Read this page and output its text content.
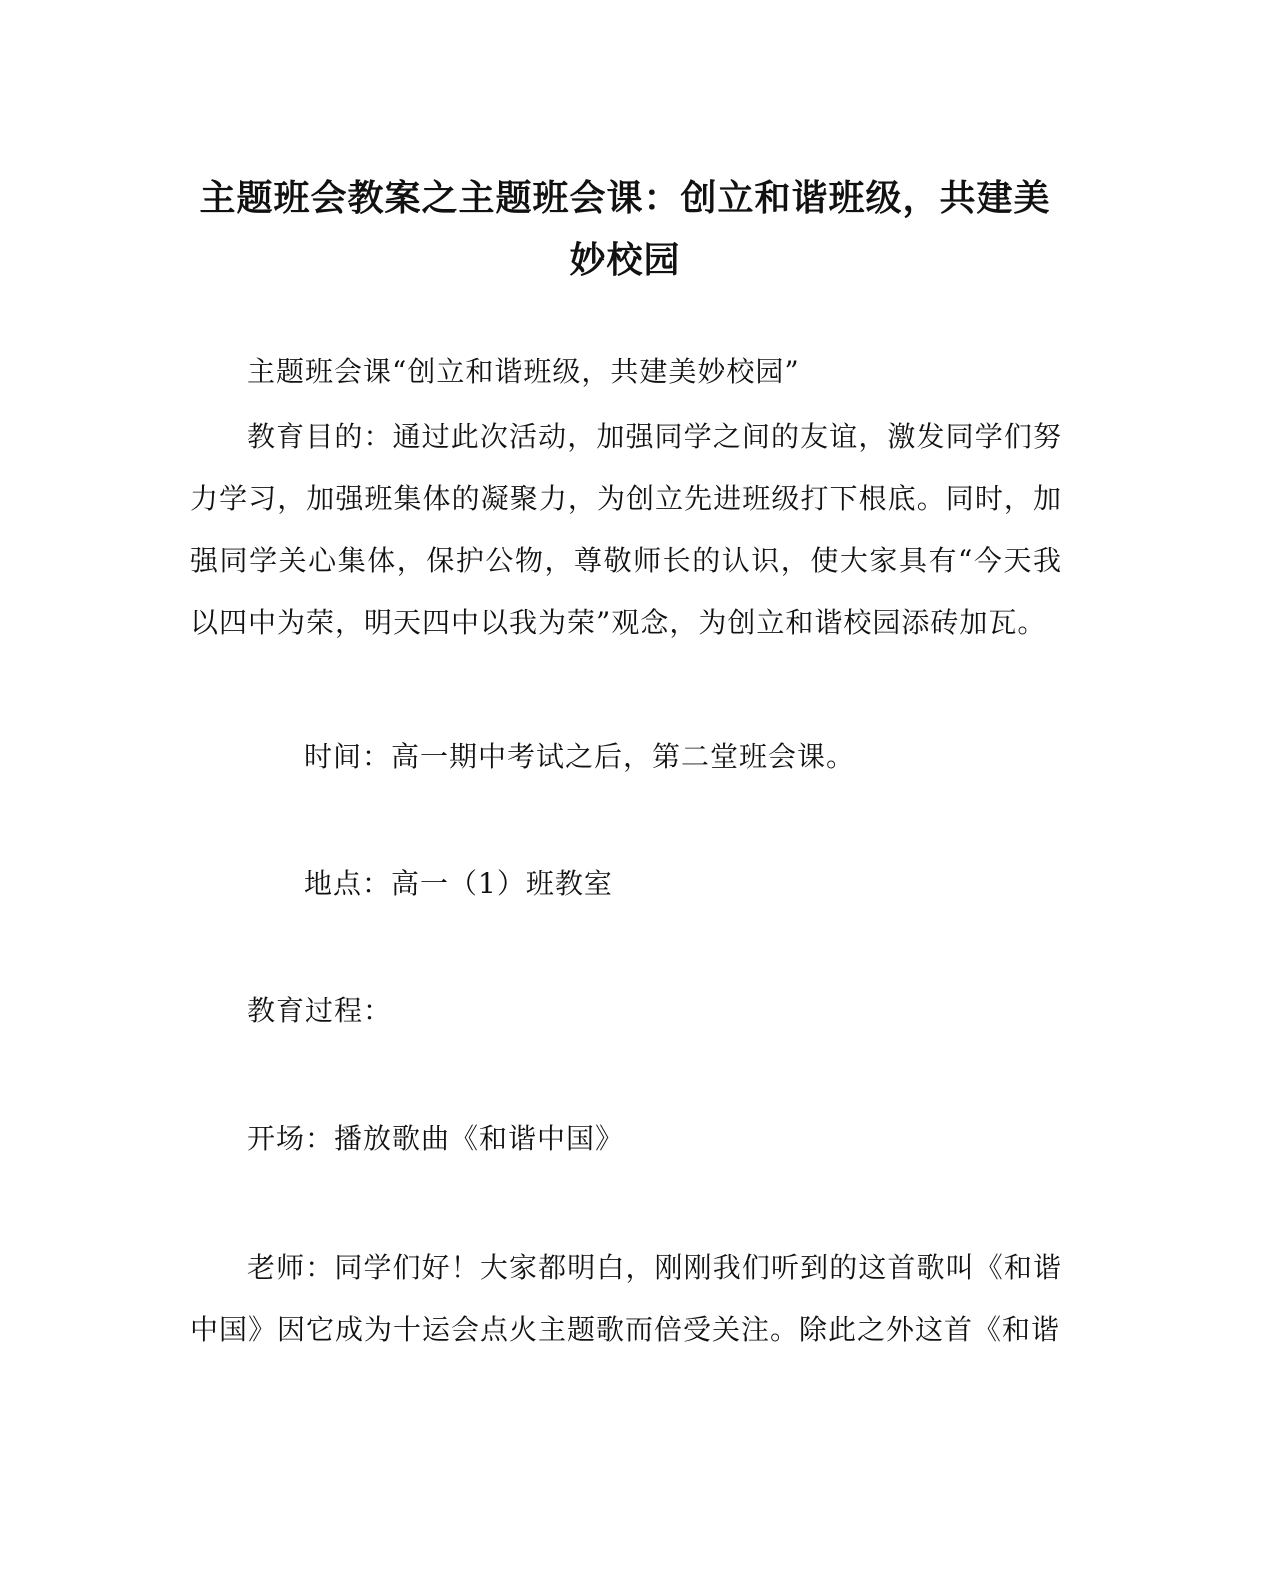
主题班会教案之主题班会课：创立和谐班级，共建美妙校园

主题班会课“创立和谐班级，共建美妙校园”

教育目的：通过此次活动，加强同学之间的友谊，激发同学们努力学习，加强班集体的凝聚力，为创立先进班级打下根底。同时，加强同学关心集体，保护公物，尊敬师长的认识，使大家具有“今天我以四中为荣，明天四中以我为荣”观念，为创立和谐校园添砖加瓦。

时间：高一期中考试之后，第二堂班会课。

地点：高一（1）班教室

教育过程：

开场：播放歌曲《和谐中国》

老师：同学们好！大家都明白，刚刚我们听到的这首歌叫《和谐中国》因它成为十运会点火主题歌而倍受关注。除此之外这首《和谐
